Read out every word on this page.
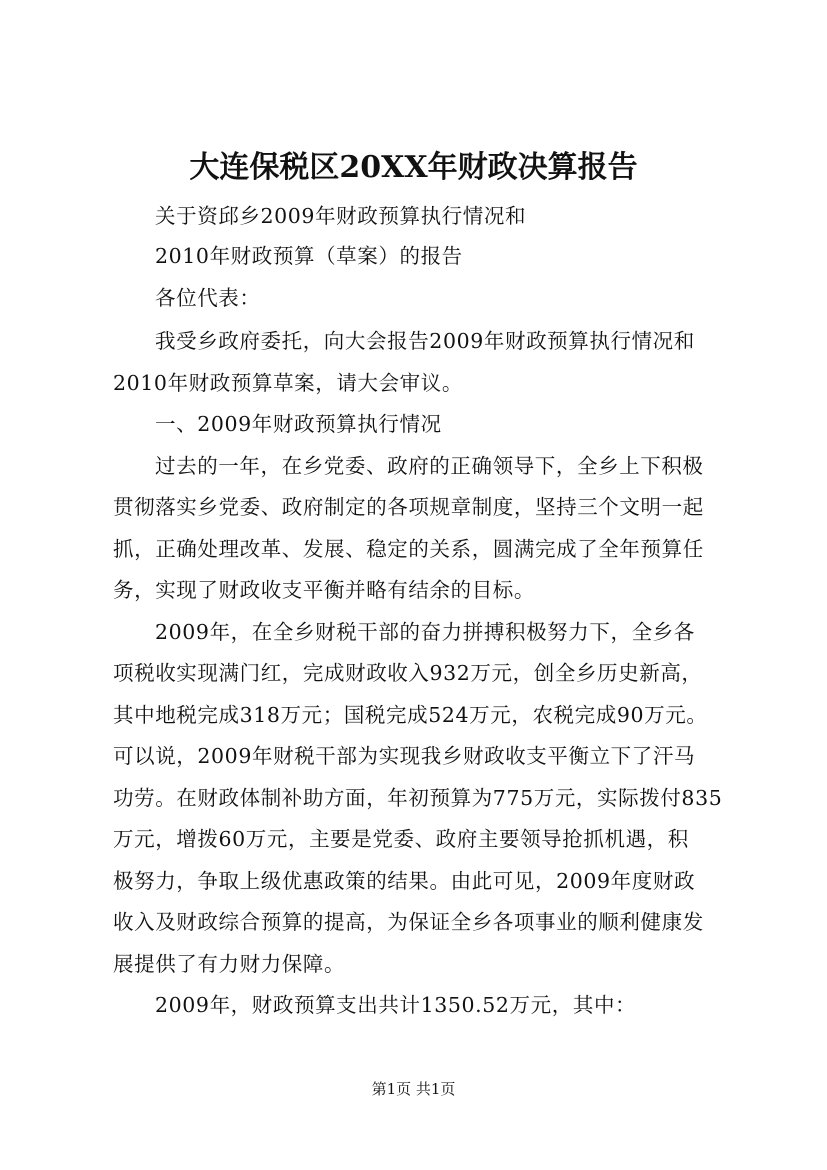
大连保税区20XX年财政决算报告
关于资邱乡2009年财政预算执行情况和
2010年财政预算（草案）的报告
各位代表：
我受乡政府委托，向大会报告2009年财政预算执行情况和
2010年财政预算草案，请大会审议。
一、2009年财政预算执行情况
过去的一年，在乡党委、政府的正确领导下，全乡上下积极
贯彻落实乡党委、政府制定的各项规章制度，坚持三个文明一起
抓，正确处理改革、发展、稳定的关系，圆满完成了全年预算任
务，实现了财政收支平衡并略有结余的目标。
2009年，在全乡财税干部的奋力拼搏积极努力下，全乡各
项税收实现满门红，完成财政收入932万元，创全乡历史新高，
其中地税完成318万元；国税完成524万元，农税完成90万元。
可以说，2009年财税干部为实现我乡财政收支平衡立下了汗马
功劳。在财政体制补助方面，年初预算为775万元，实际拨付835
万元，增拨60万元，主要是党委、政府主要领导抢抓机遇，积
极努力，争取上级优惠政策的结果。由此可见，2009年度财政
收入及财政综合预算的提高，为保证全乡各项事业的顺利健康发
展提供了有力财力保障。
2009年，财政预算支出共计1350.52万元，其中：
第1页 共1页
